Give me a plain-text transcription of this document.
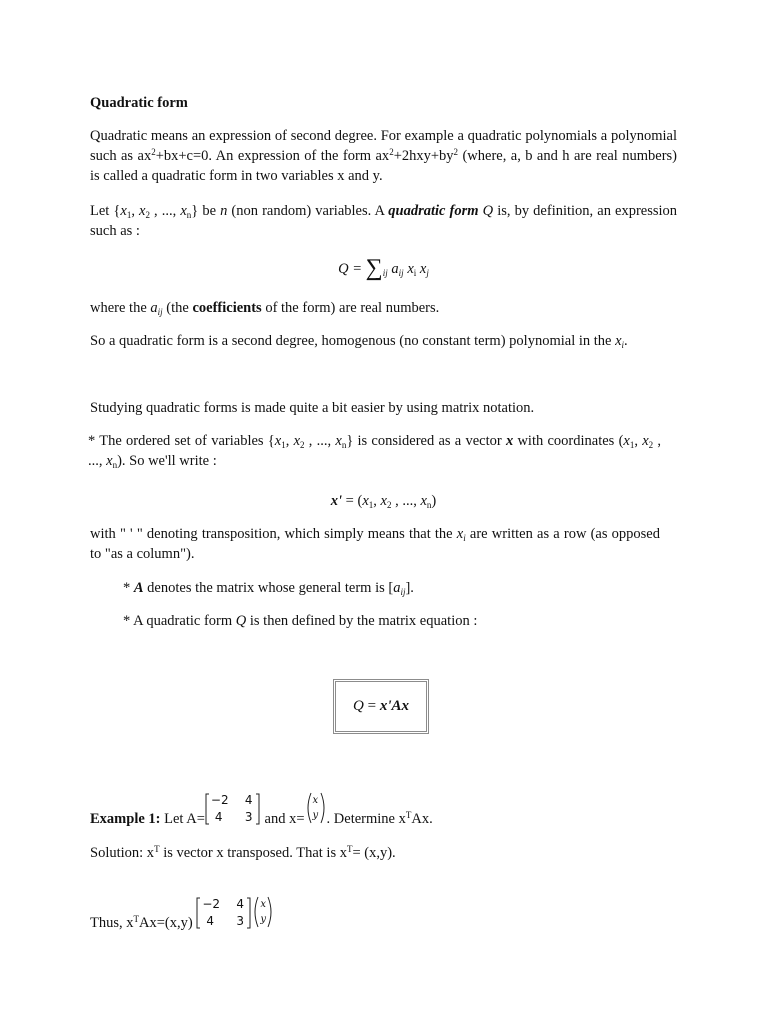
Quadratic form

Quadratic means an expression of second degree. For example a quadratic polynomials a polynomial such as $ax^2+bx+c=0$. An expression of the form $ax^2+2hxy+by^2$ (where, a, b and h are real numbers) is called a quadratic form in two variables x and y.

Let {$x_1$, $x_2$ , ..., $x_n$} be n (non random) variables. A quadratic form Q is, by definition, an expression such as :

$Q = \sum_{ij}$ $a_{ij}$ $x_i$ $x_j$

where the $a_{ij}$ (the coefficients of the form) are real numbers.

So a quadratic form is a second degree, homogenous (no constant term) polynomial in the $x_i$.

Studying quadratic forms is made quite a bit easier by using matrix notation.

* The ordered set of variables {$x_1$, $x_2$ , ..., $x_n$} is considered as a vector x with coordinates ($x_1$, $x_2$ , ..., $x_n$). So we'll write :

$x' = (x_1$, $x_2$ , ..., $x_n$)

with " ' " denoting transposition, which simply means that the $x_i$ are written as a row (as opposed to "as a column").

* A denotes the matrix whose general term is $[a_{ij}]$.

* A quadratic form Q is then defined by the matrix equation :

Q = x'Ax

Example 1: Let A=
−2 4
4 3 and x=
x
y . Determine $x^TAx$.

Solution: $x^T$ is vector x transposed. That is $x^T= (x,y)$.

Thus, $x^TAx=(x,y)$
−2 4
4 3
x
y
